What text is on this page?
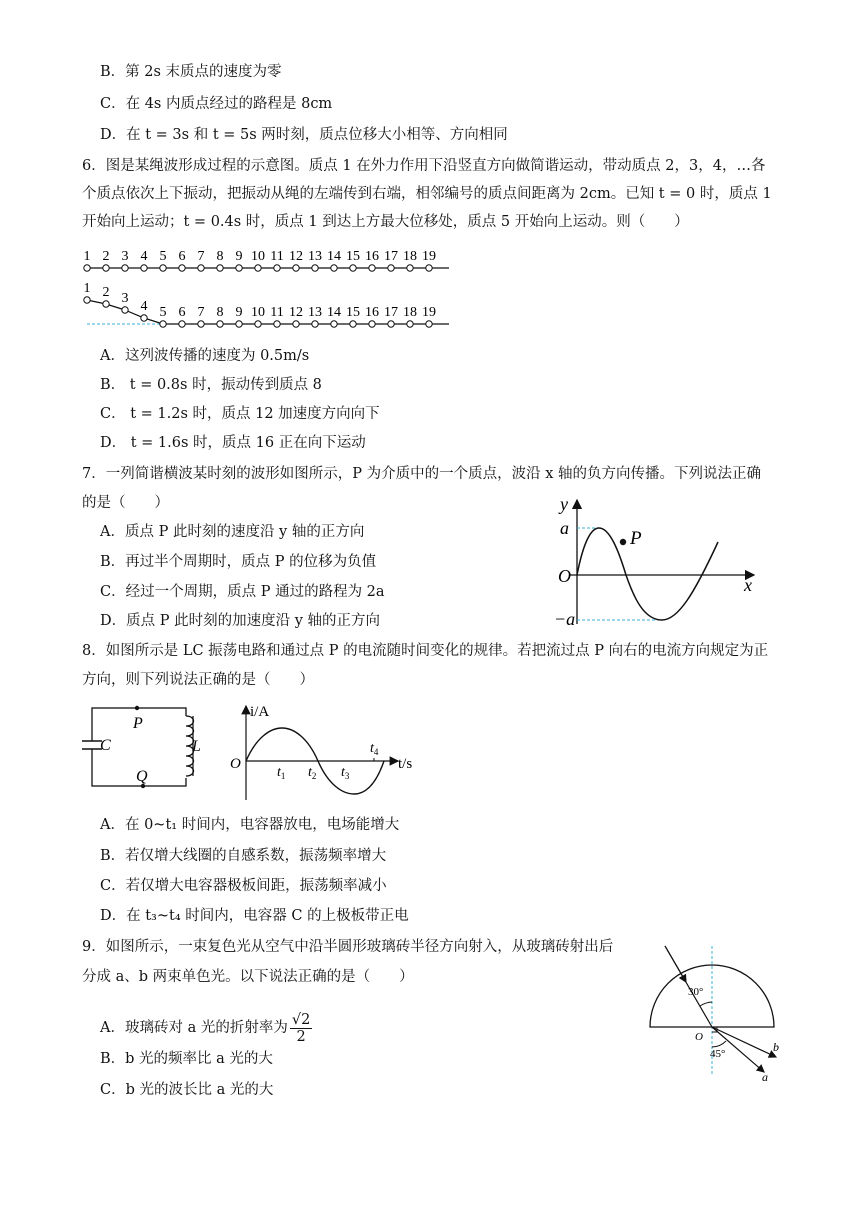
B．第 2s 末质点的速度为零
C．在 4s 内质点经过的路程是 8cm
D．在 t = 3s 和 t = 5s 两时刻，质点位移大小相等、方向相同
6．图是某绳波形成过程的示意图。质点 1 在外力作用下沿竖直方向做简谐运动，带动质点 2，3，4，…各
个质点依次上下振动，把振动从绳的左端传到右端，相邻编号的质点间距离为 2cm。已知 t = 0 时，质点 1
开始向上运动；t = 0.4s 时，质点 1 到达上方最大位移处，质点 5 开始向上运动。则（　　）
1 2 3 4 5 6 7 8 9 10 11 12 13 14 15 16 17 18 19
1 2 3
4 5 6 7 8 9 10 11 12 13 14 15 16 17 18 19
A．这列波传播的速度为 0.5m/s
B． t = 0.8s 时，振动传到质点 8
C． t = 1.2s 时，质点 12 加速度方向向下
D． t = 1.6s 时，质点 16 正在向下运动
7．一列简谐横波某时刻的波形如图所示，P 为介质中的一个质点，波沿 x 轴的负方向传播。下列说法正确
的是（　　）
A．质点 P 此时刻的速度沿 y 轴的正方向
B．再过半个周期时，质点 P 的位移为负值
C．经过一个周期，质点 P 通过的路程为 2a
D．质点 P 此时刻的加速度沿 y 轴的正方向
y
a	P
O	x
−a
8．如图所示是 LC 振荡电路和通过点 P 的电流随时间变化的规律。若把流过点 P 向右的电流方向规定为正
方向，则下列说法正确的是（　　）
P
Q
C	L
O
i/A
t/s
$t_1$ $t_2$ $t_3$
$t_4$
A．在 0~t₁ 时间内，电容器放电，电场能增大
B．若仅增大线圈的自感系数，振荡频率增大
C．若仅增大电容器极板间距，振荡频率减小
D．在 t₃~t₄ 时间内，电容器 C 的上极板带正电
9．如图所示，一束复色光从空气中沿半圆形玻璃砖半径方向射入，从玻璃砖射出后
分成 a、b 两束单色光。以下说法正确的是（　　）
A．玻璃砖对 a 光的折射率为 $\frac{√2}{2}$
B．b 光的频率比 a 光的大
C．b 光的波长比 a 光的大
30°
O
45°	b
a
